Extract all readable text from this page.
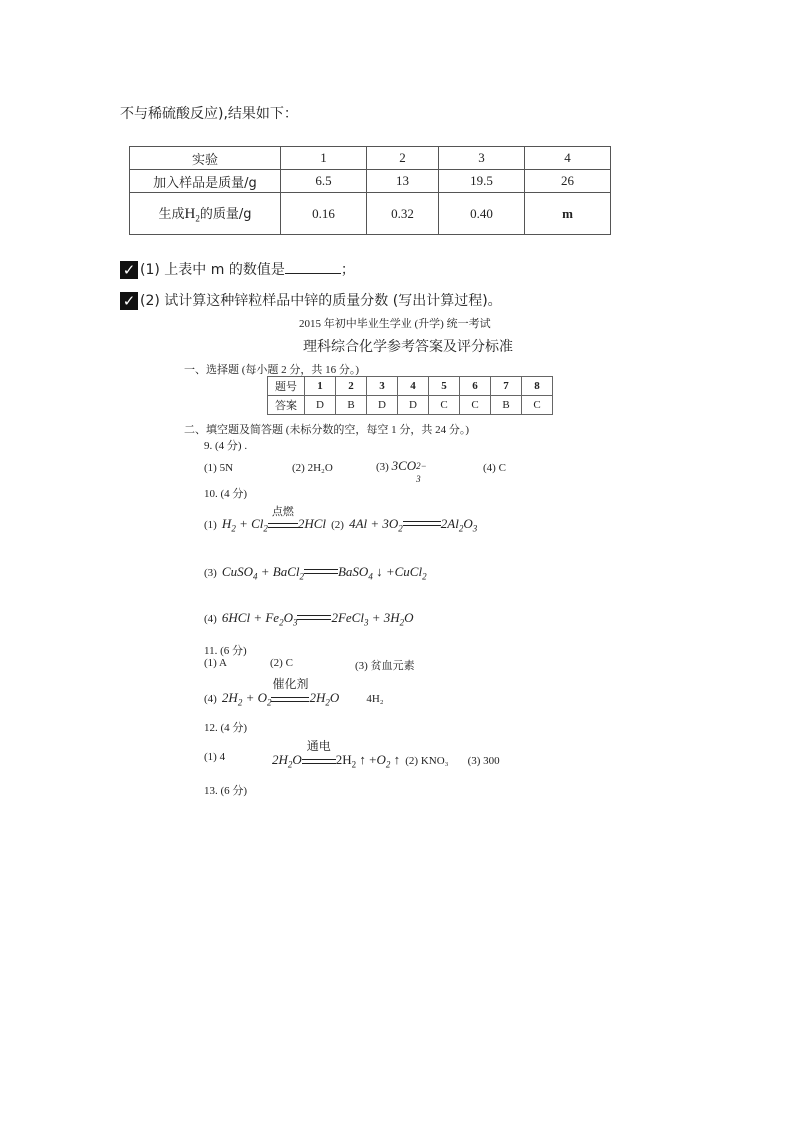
不与稀硫酸反应),结果如下：
实验	1	2	3	4
加入样品是质量/g	6.5	13	19.5	26
生成$H_2$的质量/g	0.16	0.32	0.40	m
✓ (1) 上表中 m 的数值是	；
✓ (2) 试计算这种锌粒样品中锌的质量分数 (写出计算过程)。
2015 年初中毕业生学业 (升学) 统一考试
理科综合化学参考答案及评分标准
一、选择题 (每小题 2 分，共 16 分。)
题号	1	2	3	4	5	6	7	8
答案	D	B	D	D	C	C	B	C
二、填空题及简答题 (未标分数的空，每空 1 分，共 24 分。)
9. (4 分) .
(1) 5N	(2) 2H₂O	(3) 3CO 2−
3
(4) C
10. (4 分)
(1) $H_2 + Cl_2$
点燃
2HCl (2) $4Al + 3O_2$	$2Al_2O_3$
(3) CuSO$_4$ + BaCl$_2$	BaSO$_4$ ↓ +CuCl$_2$
(4) $6HCl + Fe_2O_3$	2FeCl$_3$ + $3H_2O$
11. (6 分)
(1) A	(2) C	(3) 贫血元素
(4) $2H_2 + O_2$
催化剂
$2H_2O$ 4H₂
12. (4 分)
(1) 4	$2H_2O$
通电
$2H_2$ ↑ $+O_2$ ↑ (2) KNO₃ (3) 300
13. (6 分)
